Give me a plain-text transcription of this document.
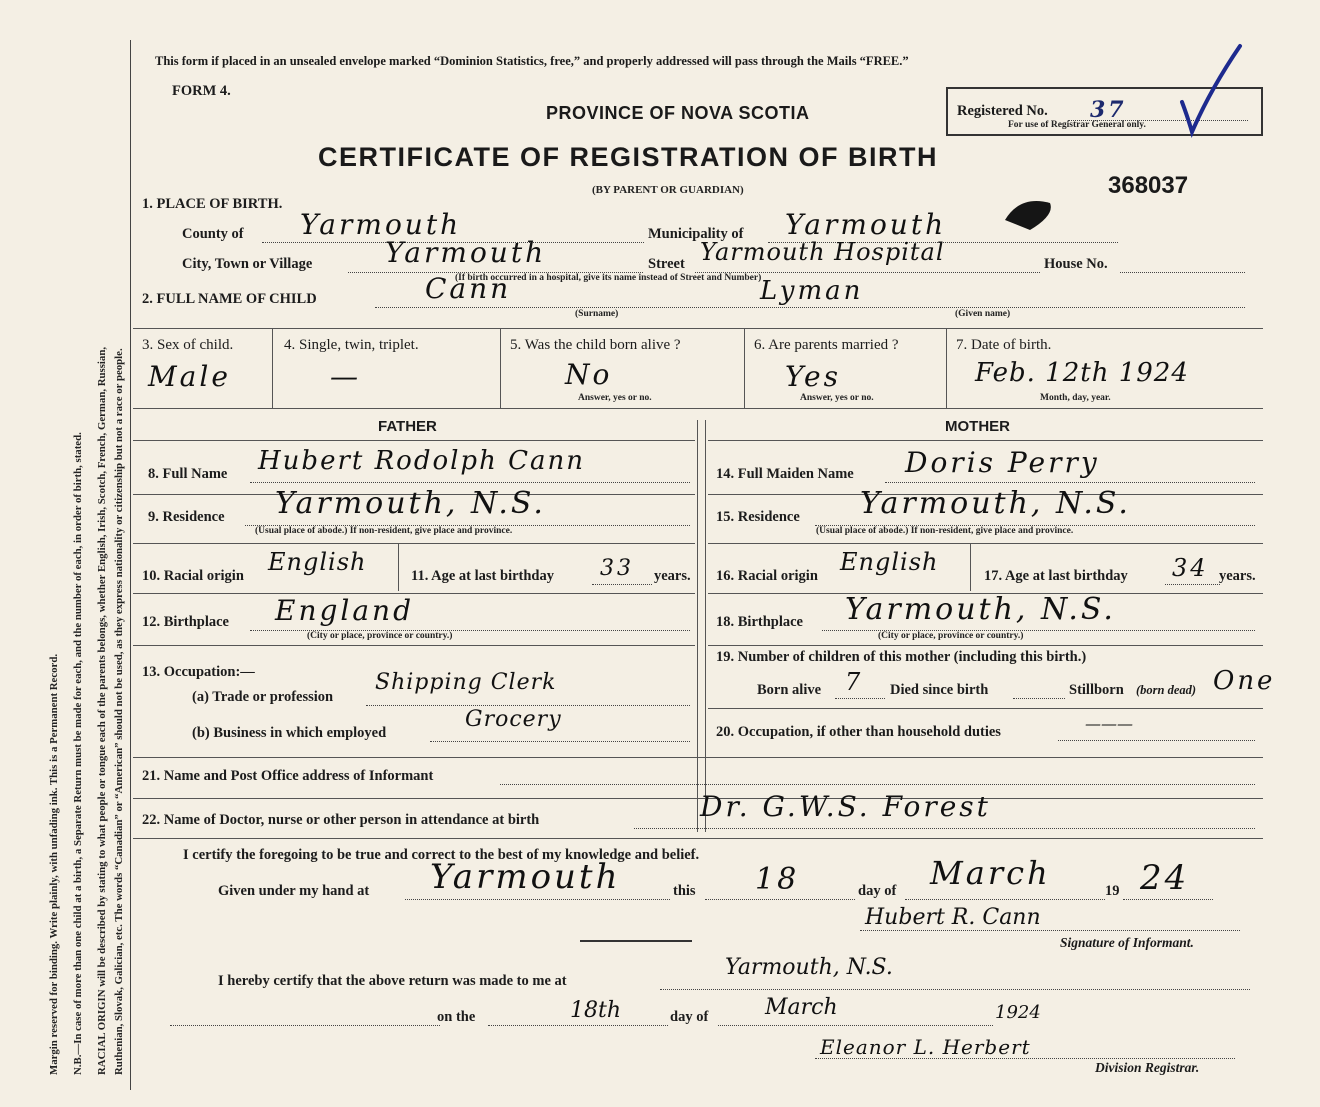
Margin reserved for binding. Write plainly, with unfading ink. This is a Permanent Record. N.B.—In case of more than one child at a birth, a Separate Return must be made for each, and the number of each, in order of birth, stated. RACIAL ORIGIN will be described by stating to what people or tongue each of the parents belongs, whether English, Irish, Scotch, French, German, Russian, Ruthenian, Slovak, Galician, etc. The words “Canadian” or “American” should not be used, as they express nationality or citizenship but not a race or people.
This form if placed in an unsealed envelope marked “Dominion Statistics, free,” and properly addressed will pass through the Mails “FREE.”
FORM 4.
PROVINCE OF NOVA SCOTIA
CERTIFICATE OF REGISTRATION OF BIRTH
(BY PARENT OR GUARDIAN)
Registered No. 37
For use of Registrar General only.
368037
1. PLACE OF BIRTH.
County of Yarmouth	Municipality of Yarmouth
City, Town or Village	Yarmouth	Street Yarmouth Hospital	House No.
(If birth occurred in a hospital, give its name instead of Street and Number)
2. FULL NAME OF CHILD	Cann	Lyman
(Surname)	(Given name)
3. Sex of child.
Male
4. Single, twin, triplet.
—
5. Was the child born alive ?
No
Answer, yes or no.
6. Are parents married ?
Yes
Answer, yes or no.
7. Date of birth.
Feb. 12th 1924
Month, day, year.
FATHER	MOTHER
8. Full Name Hubert Rodolph Cann	14. Full Maiden Name Doris Perry
9. Residence Yarmouth, N.S.
(Usual place of abode.) If non-resident, give place and province.
15. Residence Yarmouth, N.S.
(Usual place of abode.) If non-resident, give place and province.
10. Racial origin English	11. Age at last birthday 33 years. 16. Racial origin English	17. Age at last birthday 34 years.
12. Birthplace England
(City or place, province or country.)
18. Birthplace Yarmouth, N.S.
(City or place, province or country.)
13. Occupation:—
(a) Trade or profession
Shipping Clerk
(b) Business in which employed
Grocery
19. Number of children of this mother (including this birth.)
Born alive 7 Died since birth	Stillborn (born dead) One
20. Occupation, if other than household duties	———
21. Name and Post Office address of Informant
22. Name of Doctor, nurse or other person in attendance at birth	Dr. G.W.S. Forest
I certify the foregoing to be true and correct to the best of my knowledge and belief.
Given under my hand at Yarmouth	this 18	day of March	19 24
Hubert R. Cann
Signature of Informant.
I hereby certify that the above return was made to me at
Yarmouth, N.S.
on the	18th	day of	March	1924
Eleanor L. Herbert
Division Registrar.
